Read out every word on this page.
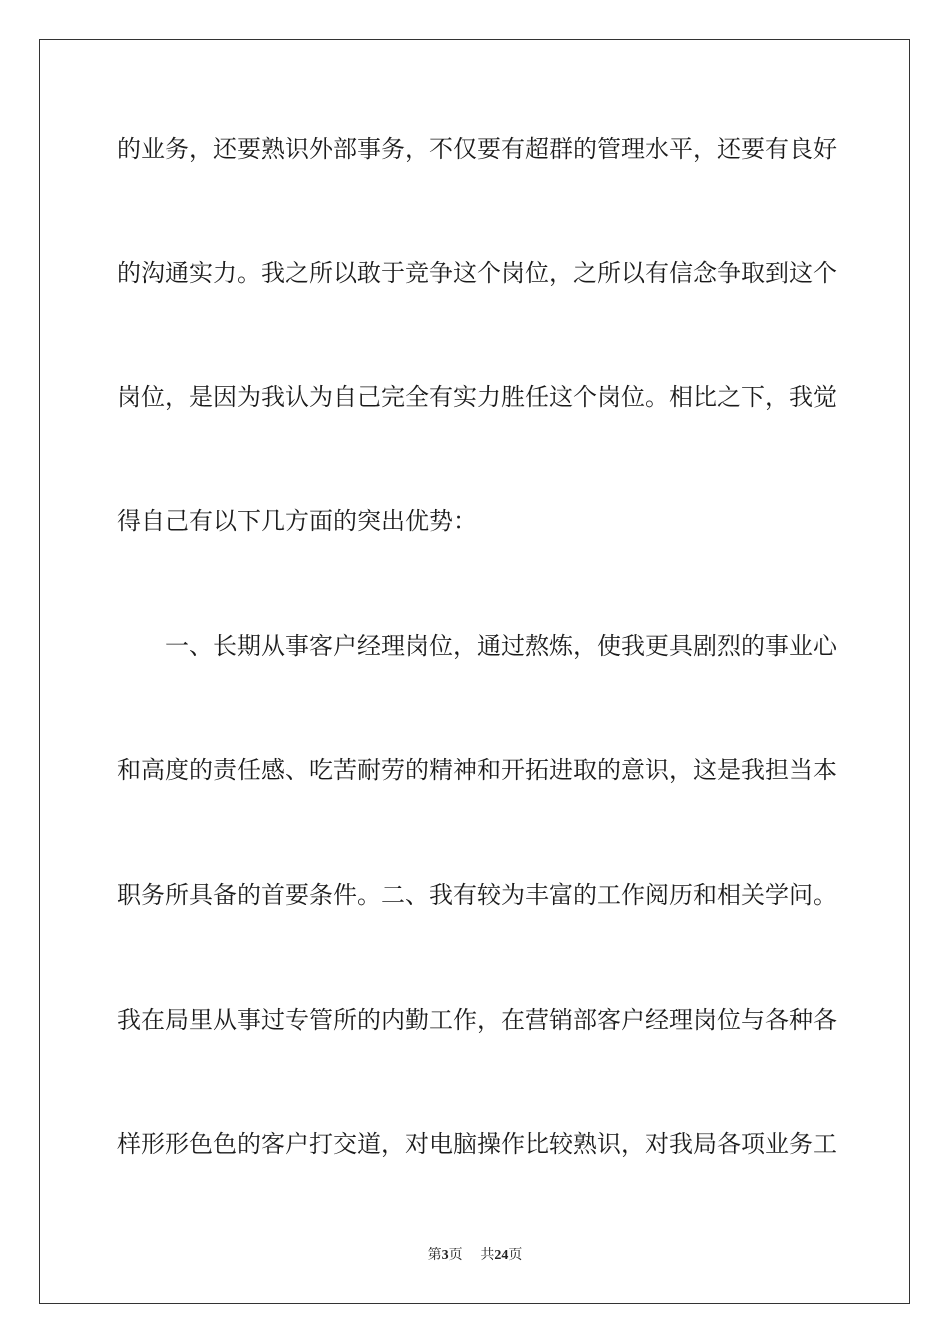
的业务，还要熟识外部事务，不仅要有超群的管理水平，还要有良好
的沟通实力。我之所以敢于竞争这个岗位，之所以有信念争取到这个
岗位，是因为我认为自己完全有实力胜任这个岗位。相比之下，我觉
得自己有以下几方面的突出优势：
一、长期从事客户经理岗位，通过熬炼，使我更具剧烈的事业心
和高度的责任感、吃苦耐劳的精神和开拓进取的意识，这是我担当本
职务所具备的首要条件。二、我有较为丰富的工作阅历和相关学问。
我在局里从事过专管所的内勤工作，在营销部客户经理岗位与各种各
样形形色色的客户打交道，对电脑操作比较熟识，对我局各项业务工
第3页 共24页
